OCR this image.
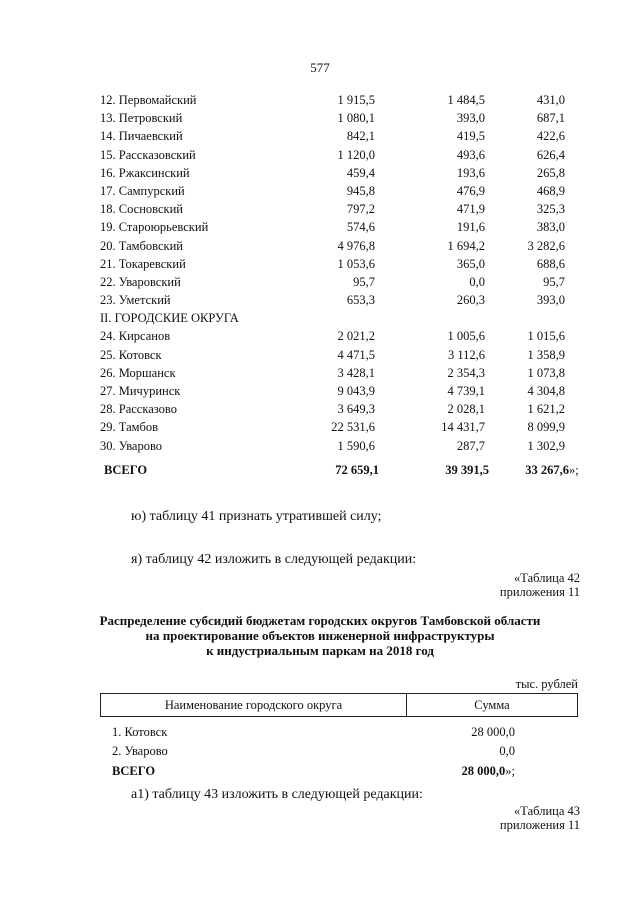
577
12. Первомайский	1 915,5	1 484,5	431,0
13. Петровский	1 080,1	393,0	687,1
14. Пичаевский	842,1	419,5	422,6
15. Рассказовский	1 120,0	493,6	626,4
16. Ржаксинский	459,4	193,6	265,8
17. Сампурский	945,8	476,9	468,9
18. Сосновский	797,2	471,9	325,3
19. Староюрьевский	574,6	191,6	383,0
20. Тамбовский	4 976,8	1 694,2	3 282,6
21. Токаревский	1 053,6	365,0	688,6
22. Уваровский	95,7	0,0	95,7
23. Уметский	653,3	260,3	393,0
II. ГОРОДСКИЕ ОКРУГА
24. Кирсанов	2 021,2	1 005,6	1 015,6
25. Котовск	4 471,5	3 112,6	1 358,9
26. Моршанск	3 428,1	2 354,3	1 073,8
27. Мичуринск	9 043,9	4 739,1	4 304,8
28. Рассказово	3 649,3	2 028,1	1 621,2
29. Тамбов	22 531,6	14 431,7	8 099,9
30. Уварово	1 590,6	287,7	1 302,9
ВСЕГО	72 659,1	39 391,5	33 267,6 »;
ю) таблицу 41 признать утратившей силу;
я) таблицу 42 изложить в следующей редакции:
«Таблица 42
приложения 11
Распределение субсидий бюджетам городских округов Тамбовской области
на проектирование объектов инженерной инфраструктуры
к индустриальным паркам на 2018 год
тыс. рублей
Наименование городского округа	Сумма
1. Котовск	28 000,0
2. Уварово	0,0
ВСЕГО	28 000,0»;
а1) таблицу 43 изложить в следующей редакции:
«Таблица 43
приложения 11
